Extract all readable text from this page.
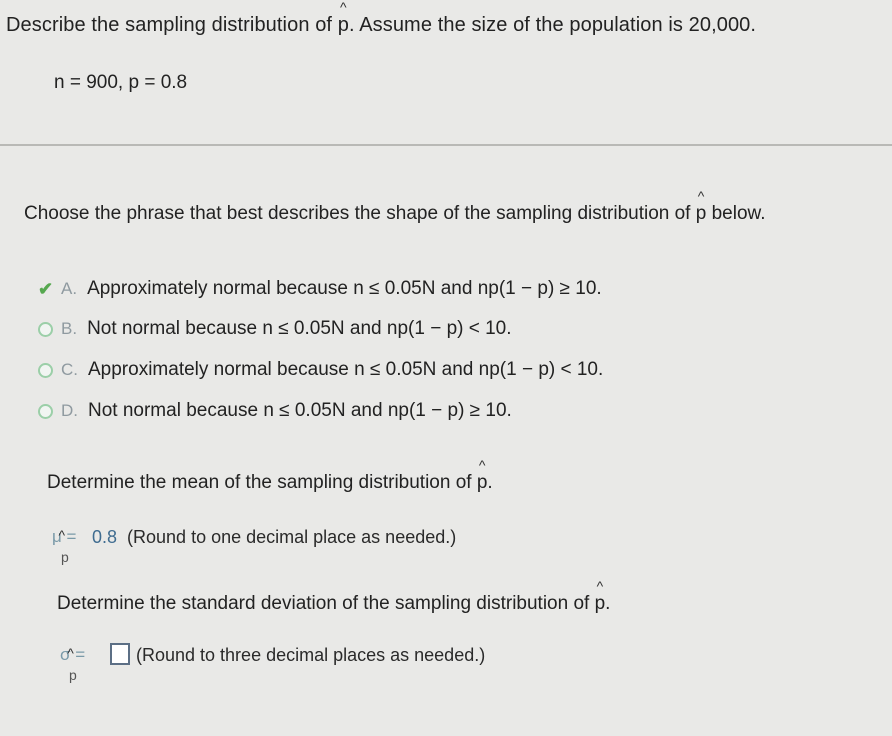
Describe the sampling distribution of ^ p. Assume the size of the population is 20,000.
n = 900, p = 0.8
Choose the phrase that best describes the shape of the sampling distribution of ^ p below.
✔ A. Approximately normal because n ≤ 0.05N and np(1 − p) ≥ 10.
B. Not normal because n ≤ 0.05N and np(1 − p) < 10.
C. Approximately normal because n ≤ 0.05N and np(1 − p) < 10.
D. Not normal because n ≤ 0.05N and np(1 − p) ≥ 10.
Determine the mean of the sampling distribution of ^ p.
μ =
p
0.8 (Round to one decimal place as needed.)
Determine the standard deviation of the sampling distribution of ^ p.
σ =
p
(Round to three decimal places as needed.)
